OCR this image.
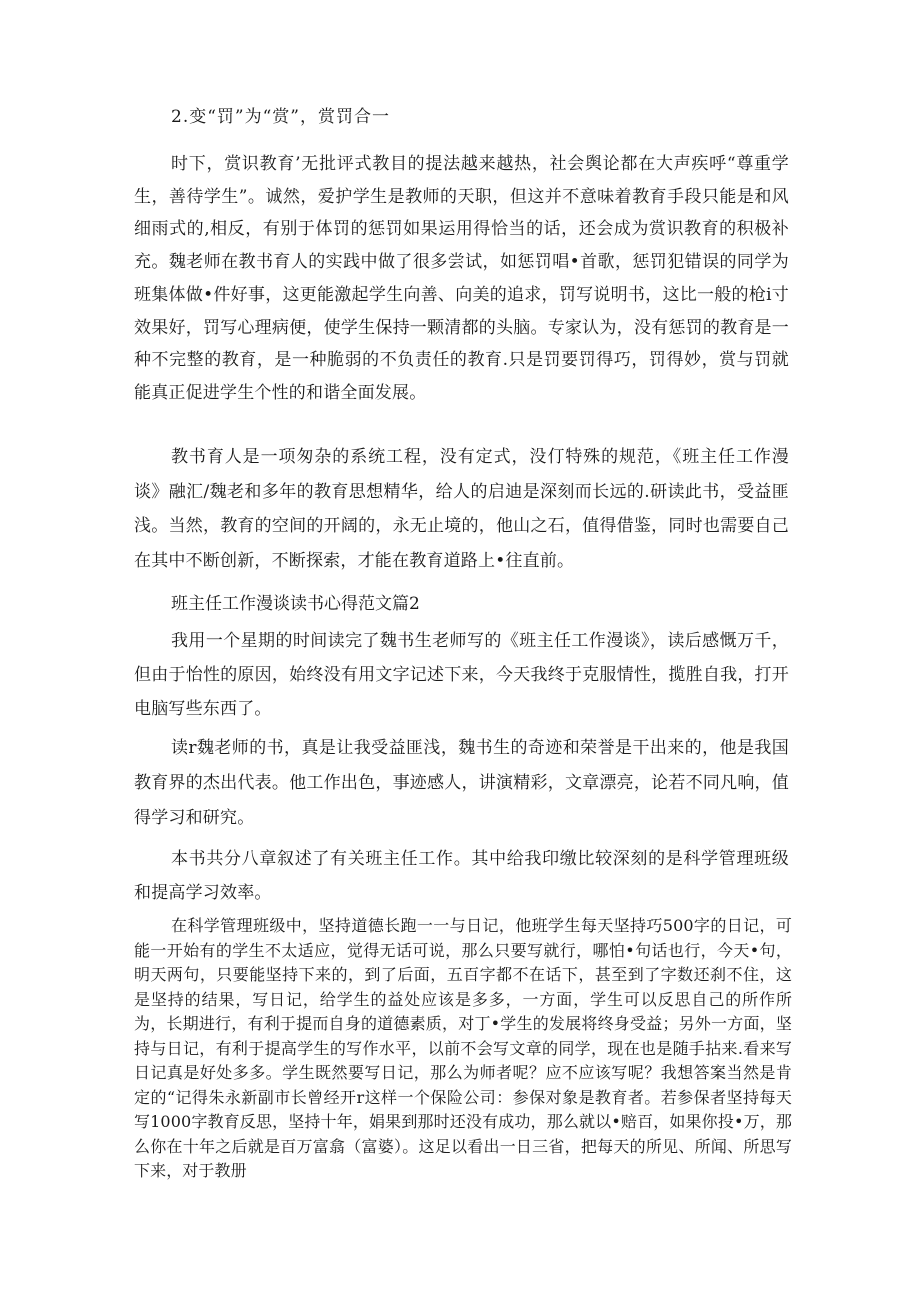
2.变“罚”为“赏”，赏罚合一

时下，赏识教育’无批评式教目的提法越来越热，社会舆论都在大声疾呼“尊重学生，善待学生”。诚然，爱护学生是教师的天职，但这并不意味着教育手段只能是和风细雨式的,相反，有别于体罚的惩罚如果运用得恰当的话，还会成为赏识教育的积极补充。魏老师在教书育人的实践中做了很多尝试，如惩罚唱•首歌，惩罚犯错误的同学为班集体做•件好事，这更能激起学生向善、向美的追求，罚写说明书，这比一般的枪i寸效果好，罚写心理病便，使学生保持一颗清都的头脑。专家认为，没有惩罚的教育是一种不完整的教育，是一种脆弱的不负责任的教育.只是罚要罚得巧，罚得妙，赏与罚就能真正促进学生个性的和谐全面发展。

教书育人是一项匆杂的系统工程，没有定式，没仃特殊的规范，《班主任工作漫谈》融汇/魏老和多年的教育思想精华，给人的启迪是深刻而长远的.研读此书，受益匪浅。当然，教育的空间的开阔的，永无止境的，他山之石，值得借鉴，同时也需要自己在其中不断创新，不断探索，才能在教育道路上•往直前。

班主任工作漫谈读书心得范文篇2

我用一个星期的时间读完了魏书生老师写的《班主任工作漫谈》，读后感慨万千，但由于怡性的原因，始终没有用文字记述下来，今天我终于克服情性，揽胜自我，打开电脑写些东西了。

读r魏老师的书，真是让我受益匪浅，魏书生的奇迹和荣誉是干出来的，他是我国教育界的杰出代表。他工作出色，事迹感人，讲演精彩，文章漂亮，论若不同凡响，值得学习和研究。

本书共分八章叙述了有关班主任工作。其中给我印缴比较深刻的是科学管理班级和提高学习效率。

在科学管理班级中，坚持道德长跑一一与日记，他班学生每天坚持巧500字的日记，可能一开始有的学生不太适应，觉得无话可说，那么只要写就行，哪怕•句话也行，今天•句，明天两句，只要能坚持下来的，到了后面，五百字都不在话下，甚至到了字数还刹不住，这是坚持的结果，写日记，给学生的益处应该是多多，一方面，学生可以反思自己的所作所为，长期进行，有利于提而自身的道德素质，对丁•学生的发展将终身受益；另外一方面，坚持与日记，有利于提高学生的写作水平，以前不会写文章的同学，现在也是随手拈来.看来写日记真是好处多多。学生既然要写日记，那么为师者呢？应不应该写呢？我想答案当然是肯定的“记得朱永新副市长曾经开r这样一个保险公司：参保对象是教育者。若参保者坚持每天写1000字教育反思，坚持十年，娟果到那时还没有成功，那么就以•赔百，如果你投•万，那么你在十年之后就是百万富翕（富婆）。这足以看出一日三省，把每天的所见、所闻、所思写下来，对于教册
